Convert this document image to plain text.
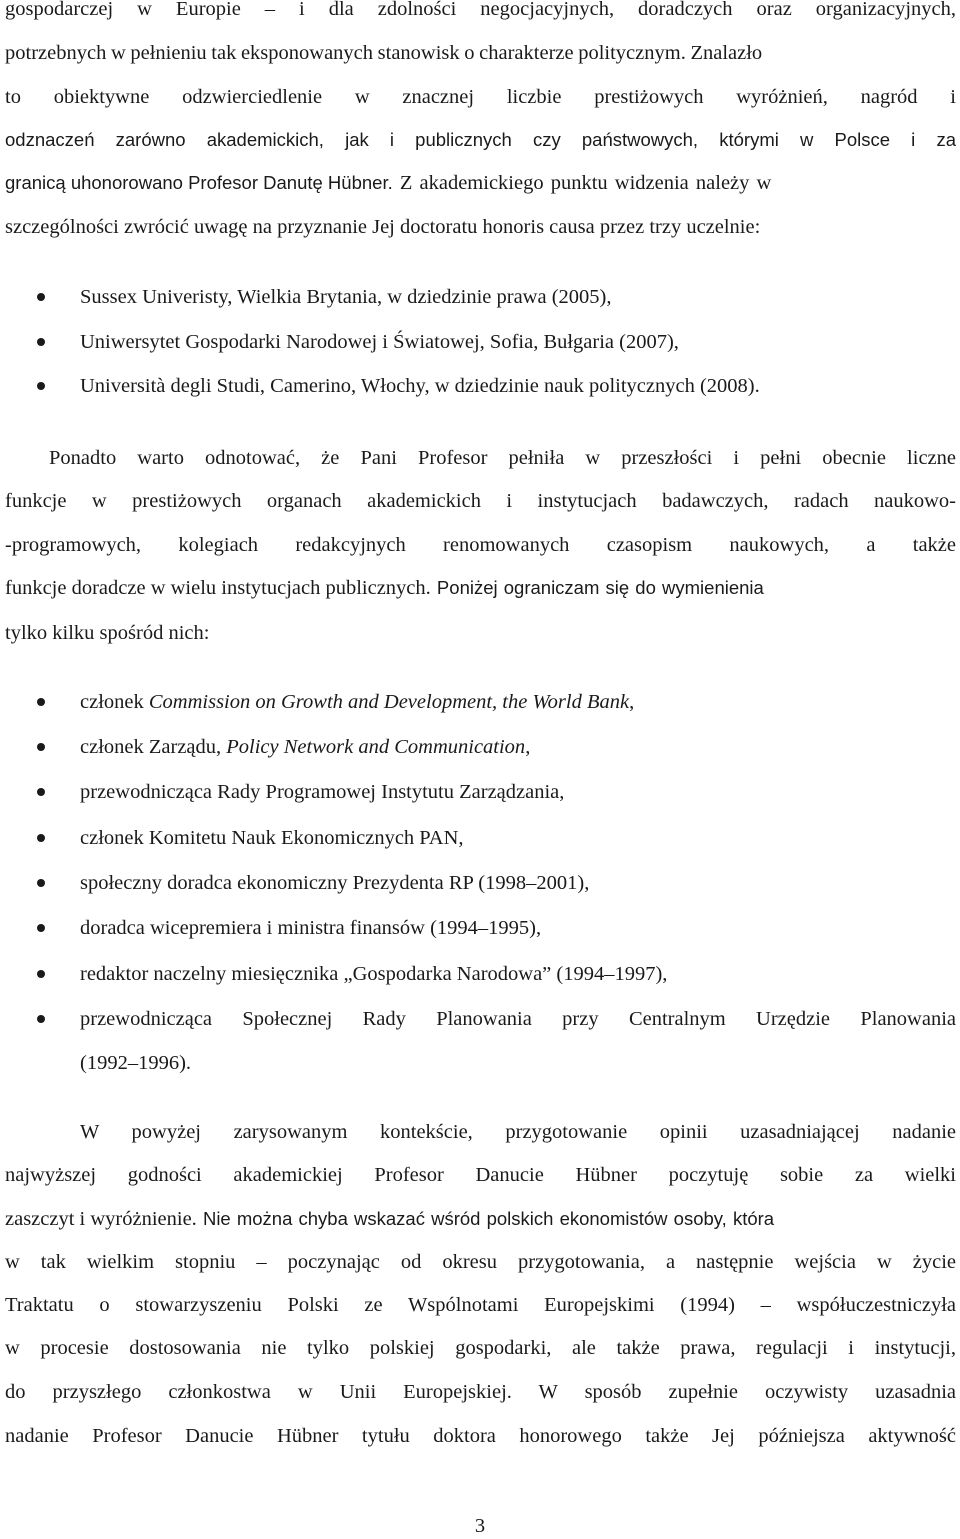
gospodarczej w Europie – i dla zdolności negocjacyjnych, doradczych oraz organizacyjnych,
potrzebnych w pełnieniu tak eksponowanych stanowisk o charakterze politycznym. Znalazło
to obiektywne odzwierciedlenie w znacznej liczbie prestiżowych wyróżnień, nagród i
odznaczeń zarówno akademickich, jak i publicznych czy państwowych, którymi w Polsce i za
granicą uhonorowano Profesor Danutę Hübner. Z akademickiego punktu widzenia należy w
szczególności zwrócić uwagę na przyznanie Jej doctoratu honoris causa przez trzy uczelnie:
Sussex Univeristy, Wielkia Brytania, w dziedzinie prawa (2005),
Uniwersytet Gospodarki Narodowej i Światowej, Sofia, Bułgaria (2007),
Università degli Studi, Camerino, Włochy, w dziedzinie nauk politycznych (2008).
Ponadto warto odnotować, że Pani Profesor pełniła w przeszłości i pełni obecnie liczne
funkcje w prestiżowych organach akademickich i instytucjach badawczych, radach naukowo-
-programowych, kolegiach redakcyjnych renomowanych czasopism naukowych, a także
funkcje doradcze w wielu instytucjach publicznych. Poniżej ograniczam się do wymienienia
tylko kilku spośród nich:
członek Commission on Growth and Development, the World Bank,
członek Zarządu, Policy Network and Communication,
przewodnicząca Rady Programowej Instytutu Zarządzania,
członek Komitetu Nauk Ekonomicznych PAN,
społeczny doradca ekonomiczny Prezydenta RP (1998–2001),
doradca wicepremiera i ministra finansów (1994–1995),
redaktor naczelny miesięcznika „Gospodarka Narodowa” (1994–1997),
przewodnicząca Społecznej Rady Planowania przy Centralnym Urzędzie Planowania
(1992–1996).
W powyżej zarysowanym kontekście, przygotowanie opinii uzasadniającej nadanie
najwyższej godności akademickiej Profesor Danucie Hübner poczytuję sobie za wielki
zaszczyt i wyróżnienie. Nie można chyba wskazać wśród polskich ekonomistów osoby, która
w tak wielkim stopniu – poczynając od okresu przygotowania, a następnie wejścia w życie
Traktatu o stowarzyszeniu Polski ze Wspólnotami Europejskimi (1994) – współuczestniczyła
w procesie dostosowania nie tylko polskiej gospodarki, ale także prawa, regulacji i instytucji,
do przyszłego członkostwa w Unii Europejskiej. W sposób zupełnie oczywisty uzasadnia
nadanie Profesor Danucie Hübner tytułu doktora honorowego także Jej późniejsza aktywność
3
